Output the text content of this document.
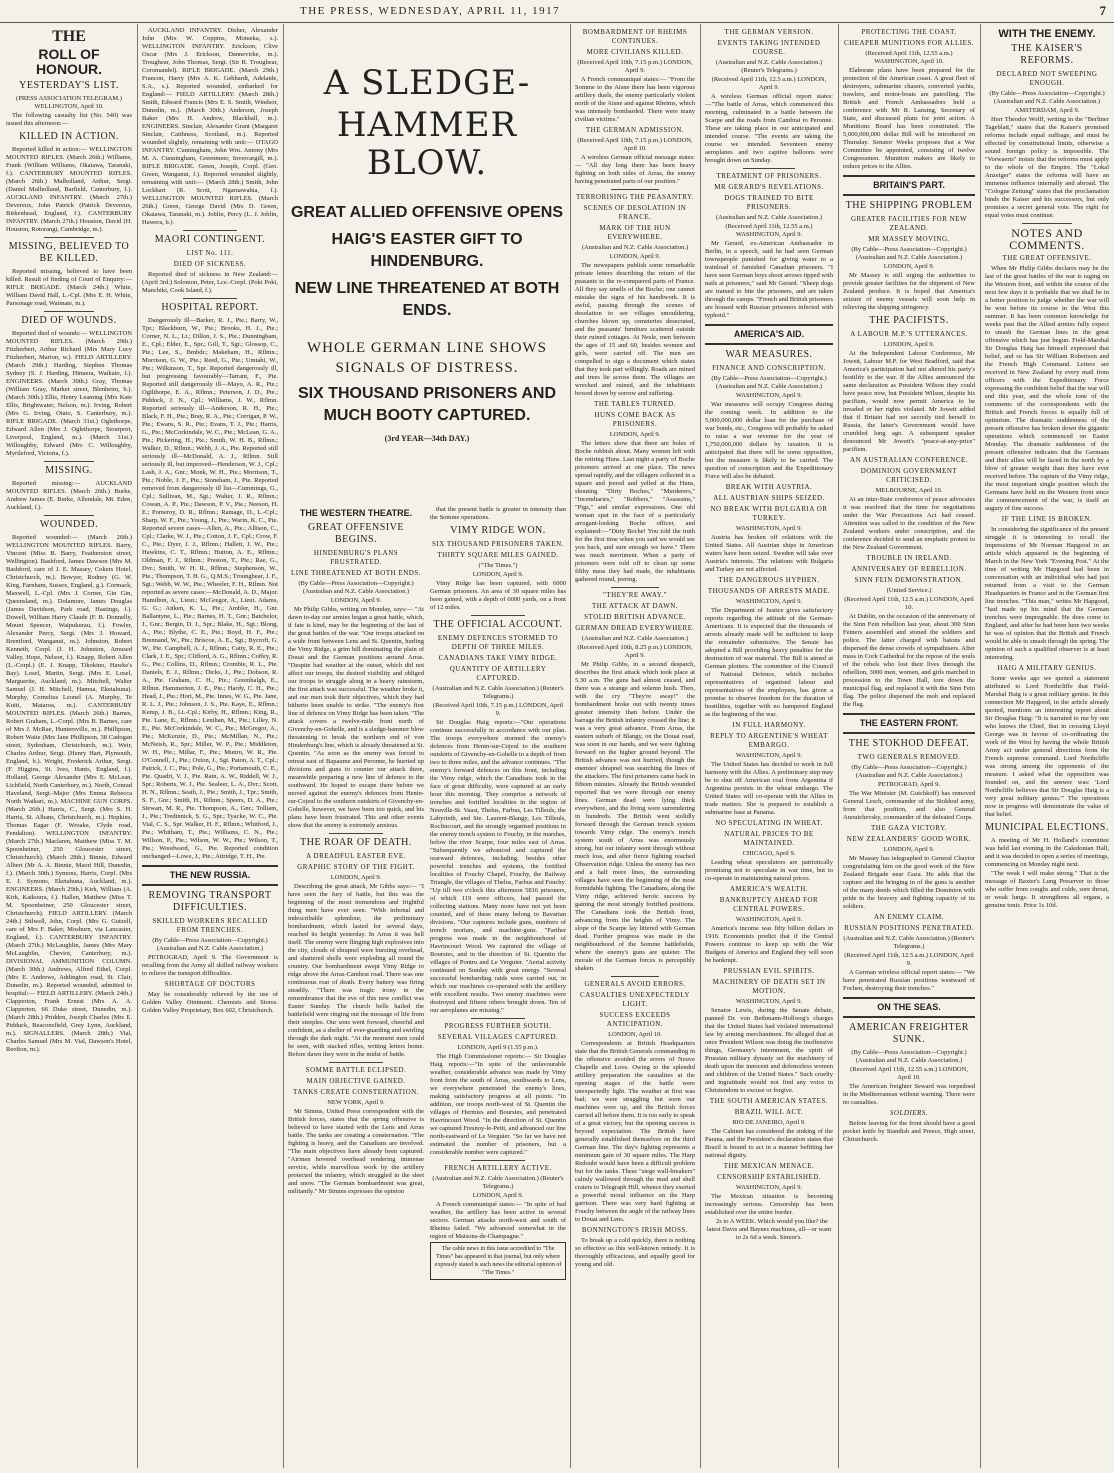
THE PRESS, WEDNESDAY, APRIL 11, 1917	7
THE
ROLL OF HONOUR.
YESTERDAY'S LIST.
(PRESS ASSOCIATION TELEGRAM.) WELLINGTON, April 10.
The following casualty list (No. 540) was issued this afternoon:—
KILLED IN ACTION.
Reported killed in action:— WELLINGTON MOUNTED RIFLES. (March 26th.) Williams, Frank (William Williams, Okaiawa, Taranaki, f.). CANTERBURY MOUNTED RIFLES. (March 26th.) Mulholland, Arthur, Sergt. (Daniel Mulholland, Barfield, Canterbury, f.). AUCKLAND INFANTRY. (March 27th.) Devereux, John Patrick (Patrick Devereux, Birkenhead, England, f.). CANTERBURY INFANTRY. (March 27th.) Houston, David (H. Houston, Rotorangi, Cambridge, m.).
MISSING, BELIEVED TO BE KILLED.
Reported missing, believed to have been killed. Result of finding of Court of Enquiry:— RIFLE BRIGADE. (March 24th.) White, William David Hall, L.-Cpl. (Mrs E. H. White, Parsonage road, Waimate, m.).
DIED OF WOUNDS.
Reported died of wounds:— WELLINGTON MOUNTED RIFLES. (March 29th.) Fitzherbert, Arthur Richard (Mrs Mary Lucy Fitzherbert, Marton, w.). FIELD ARTILLERY. (March 29th.) Harding, Stephen Thomas Sydney (S. J. Harding, Hinuera, Waikato, f.). ENGINEERS. (March 30th.) Gray, Thomas (William Gray, Market street, Blenheim, b.). (March 30th.) Ellis, Henry Leaming (Mrs Kate Ellis, Brightwater, Nelson, m.). Irving, Robert (Mrs G. Irving, Otaio, S. Canterbury, m.). RIFLE BRIGADE. (March 31st.) Oglethorpe, Edward Allen (Mrs J. Oglethorpe, Stourport, Liverpool, England, m.). (March 31st.) Willoughby, Edward (Mrs C. Willoughby, Myrtleford, Victoria, f.).
MISSING.
Reported missing:— AUCKLAND MOUNTED RIFLES. (March 26th.) Burke, Andrew James (E. Burke, Allendale, Mt. Eden, Auckland, f.).
WOUNDED.
Reported wounded:— (March 26th.) WELLINGTON MOUNTED RIFLES. Barry, Vincent (Miss B. Barry, Featherston street, Wellington). Bashford, James Dawson (Mrs M. Bashford, care of J. E. Massey, Cokers Hotel, Christchurch, m.). Bowyer, Rodney (G. W. King, Farnham, Sussex, England, g.). Cormack, Maxwell, L.-Cpl. (Mrs J. Corner, Gin Gin, Queensland, m.). Dolamore, James Douglas (James Davidson, Park road, Hastings, f.). Dowell, William Harry Claude (F. B. Donnelly, Mount Spencer, Waipukurau, f.). Fowler, Alexander Percy, Sergt. (Mrs J. Howard, Brentford, Wanganui, m.). Johnston, Robert Kenneth, Corpl. (J. H. Johnston, Amused Valley, Hope, Nelson, f.). Knapp, Robert Allen (L.-Corpl.) (E. J. Knapp, Tikokino, Hawke's Bay). Losel, Martin, Sergt. (Mrs E. Losel, Marguerite, Auckland, m.). Mitchell, Walter Samuel (J. H. Mitchell, Hamua, Eketahuna). Murphy, Cornelius Leonel (A. Murphy, Te Kuiti, Mataroa, m.). CANTERBURY MOUNTED RIFLES. (March 26th.) Barnes, Robert Graham, L.-Corpl. (Mrs B. Barnes, care of Mrs J. McRae, Huntersville, m.). Phillipson, Robert Waite (Mrs Jane Phillipson, 38 Cadogan street, Sydenham, Christchurch, m.). Weir, Charles Arthur, Sergt. (Henry Hart, Plymouth, England, b.). Wright, Frederick Arthur, Sergt. (F. Higgins, St. Ives, Hants, England, f.). Holland, George Alexander (Mrs E. McLean, Lichfield, North Canterbury, m.). North, Conrad Haveland, Sergt.-Major (Mrs Emma Rebecca North Waikari, m.). MACHINE GUN CORPS. (March 26th.) Harris, C., Sergt. (Mrs S. H. Harris, St. Albans, Christchurch, m.). Hopkins, Thomas Eagar (F. Wroake, Clyde road, Fendalton). WELLINGTON INFANTRY. (March 27th.) Maclaren, Matthew (Miss T. M. Spoonbeiner, 250 Gloucester street, Christchurch). (March 28th.) Binnie, Edward Albert (Mr A. A. Binnie, Maori Hill, Dunedin, f.). (March 30th.) Symons, Harris, Corpl. (Mrs E. J. Symons, Eketahuna, Auckland, m.). ENGINEERS. (March 29th.) Kirk, William (A. Kirk, Kaikoura, f.). Hallen, Matthew (Miss T. M. Spoonbeiner, 250 Gloucester street, Christchurch). FIELD ARTILLERY. (March 24th.) Stilwell, John, Corpl. (Mrs G. Gutzell, care of Mrs F. Baker, Mosburn, via Lancaster, England, f.). CANTERBURY INFANTRY. (March 27th.) McLaughlin, James (Mrs Mary McLaughlin, Cheviot, Canterbury, m.). DIVISIONAL AMMUNITION COLUMN. (March 30th.) Andrews, Alfred Ethel, Corpl. (Mrs E. Andrews, Addington road, St. Clair, Dunedin, m.). Reported wounded, admitted to hospital:— FIELD ARTILLERY. (March 24th.) Clapperton, Frank Ernest (Mrs A. A. Clapperton, 66 Duke street, Dunedin, m.). (March 28th.) Pridden, Joseph Charles (Mrs E. Pidduck, Beaconsfield, Grey Lynn, Auckland, m.). SIGNALLERS. (March 28th.) Vial, Charles Samuel (Mrs M. Vial, Dawson's Hotel, Reefton, m.).
AUCKLAND INFANTRY. Disher, Alexander John (Mrs W. Coppins, Motueka, s.). WELLINGTON INFANTRY. Erickson, Clive Oscar (Mrs J. Erickson, Dannevirke, m.). Troughear, John Thomas, Sergt. (Sir R. Troughear, Coromandel). RIFLE BRIGADE. (March 29th.) Francon, Harry (Mrs A. K. Gebhardt, Adelaide, S.A., s.). Reported wounded, embarked for England:— FIELD ARTILLERY. (March 28th.) Smith, Edward Francis (Mrs E. S. Smith, Windsor, Dunedin, m.). (March 30th.) Anderson, Joseph Baker (Mrs H. Andrew, Blackball, m.). ENGINEERS. Sinclair, Alexander Grant (Margaret Sinclair, Caithness, Scotland, m.). Reported wounded slightly, remaining with unit:— OTAGO INFANTRY. Cunningham, John Wm. Antony (Mrs M. A. Cunningham, Greenmeer, Invercargill, m.). RIFLE BRIGADE. Green, Joseph, Corpl. (Geo. Green, Wanganui, f.). Reported wounded slightly, remaining with unit:— (March 28th.) Smith, John Lockhart (R. Scott, Ngaruawahia, f.). WELLINGTON MOUNTED RIFLES. (March 26th.) Green, George David (Mrs D. Green, Okaiawa, Taranaki, m.). Joblin, Percy (L. J. Joblin, Hawera, b.).
MAORI CONTINGENT.
LIST No. 111.
DIED OF SICKNESS.
Reported died of sickness in New Zealand:— (April 3rd.) Solomon, Peter, Lce.-Corpl. (Poki Poki, Manchiki, Cook Island, f.).
HOSPITAL REPORT.
Dangerously ill—Barker, R. J., Pte.; Barry, W., Tpr.; Blackburn, W., Pte.; Brooks, H. J., Pte.; Corner, N. L., Lt.; Dillon, J. S., Pte.; Dunningham, E., Cpl.; Elder, E., Spr.; Gill, T., Sgt.; Glossop, C., Pte.; Lee, S., Bmbdr.; Makeham, H., Rflmn.; Morrison, G. W., Pte.; Reed, G., Pte.; Umtahi, W., Pte.; Wilkinson, T., Spr. Reported dangerously ill, but progressing favourably—Tarrant, F., Pte. Reported still dangerously ill—Mayo, A. R., Pte.; Ogilthorpe, E. A., Rflmn.; Peterson, J. D., Pte.; Piddock, J. N., Cpl.; Williams, J. W., Rflmn. Reported seriously ill—Anderson, R. H., Pte.; Black, F. H., Pte.; Bray, R. A., Pte.; Corrigan, P. W., Pte.; Ewans, S. R., Pte.; Evans, T. J., Pte.; Harris, G., Pte.; McCorkindale, W. C., Pte.; McLean, G. A., Pte.; Pickering, H., Pte.; Smith, W. H. B., Rflmn.; Walker, D., Rflmn.; Webb, J. A., Pte. Reported still seriously ill—McDonald, A. J., Rflmn. Still seriously ill, but improved—Henderson, W. J., Cpl.; Lash, J. A., Gnr.; Monk, W. H., Pte.; Morrison, T., Pte.; Noble, J. F., Pte.; Stoneham, J., Pte. Reported removed from dangerously ill list—Cummings, G., Cpl.; Sullivan, M., Sgt.; Walter, J. R., Rflmn.; Cowan, A. P., Pte.; Dawson, P. V., Pte.; Neeson, H. E.; Pomeroy, D. R., Rflmn.; Ramage, D., L.-Cpl.; Sharp, W. F., Pte.; Young, J., Pte.; Warin, K. C., Pte. Reported severe cases—Allen, A., Pte.; Allison, C., Cpl.; Clarke, W. J., Pte.; Cotton, J. F., Cpl.; Crow, F. C., Pte.; Dyer, J. J., Rflmn.; Hallett, J. W., Pte.; Hawkins, C. T., Rflmn.; Hutton, A. E., Rflmn.; Oldman, F. J., Rflmn.; Preston, T., Pte.; Rae, G., Dvr.; Smith, W. H. R., Rflmn.; Stephenson, W., Pte.; Thompson, T. H. G., Q.M.S.; Trounghear, J. F., Sgt.; Webb, W. W., Pte.; Wheeler, F. H., Rflmn. Not reported as severe cases:—McDonald, A. D., Major. Hamilton, A., Lieut.; McGregor, A., Lieut. Adams, G. G.; Aitken, K. L., Pte.; Ambler, H., Gnr. Ballantyne, L., Pte.; Barnes, H. T., Gnr.; Batchelor, J., Gnr.; Bergin, D. J., Spr.; Blake, H., Sgt.; Blong, A., Pte.; Blythe, C. E., Pte.; Boyd, H. F., Pte.; Brennand, W., Pte.; Briscoe, A. E., Sgt.; Bycroft, G. W., Pte. Campbell, A. J., Rflmn.; Catty, R. E., Pte.; Clark, J. E., Spr.; Clifford, A. G., Rflmn.; Coffey, R. G., Pte.; Collins, D., Rflmn.; Crombie, R. L., Pte. Daniels, E. J., Rflmn.; Dicks, J., Pte.; Dobson, R. A., Pte. Graham, C. H., Pte.; Greenhalgh, E., Rflmn. Hammerton, J. E., Pte.; Hardy, C. H., Pte.; Head, J., Pte.; Hori, M., Pte. Innes, W. G., Pte. Jane, R. L. J., Pte.; Johnson, J. S., Pte. Kaye, E., Rflmn.; Kemp, J. B., Lt.-Cpl.; Kirby, H., Rflmn.; King, R., Pte. Lane, E., Rflmn.; Lenihan, M., Pte.; Lilley, N. E., Pte. McCorkindale, W. C., Pte.; McGregor, A., Pte.; McKenzie, D., Pte.; McMillan, N., Pte.; McNeish, R., Spr.; Miller, W. P., Pte.; Middleton, W. H., Pte.; Millar, F., Pte.; Munro, W. R., Pte. O'Connell, J., Pte.; Oxton, J., Sgt. Paton, A. T., Cpl.; Patrick, J. C., Pte.; Pole, G., Pte.; Portsmouth, C. E., Pte. Quadri, V. J., Pte. Rain, A. W., Riddell, W. J., Spr.; Roberts, W. J., Pte. Sealeer, L. A., Dvr.; Scott, H. N., Rflmn.; Seath, J., Pte.; Smith, J., Tpr.; Smith, S. F., Gnr.; Smith, H., Rflmn.; Speers, D. A., Pte.; Stewart, M. R., Pte. Thompson, A., Gnr.; Tolliam, J., Pte.; Tredinnick, S. G., Spr.; Tyacke, W. C., Pte. Vial, C. S., Spr. Walker, H. F., Rflmn.; Whitford, J., Pte.; Whitham, T., Pte.; Williams, C. N., Pte.; Willson, P., Pte.; Wilson, W. W., Pte.; Wilson, T., Pte.; Woodward, G., Pte. Reported condition unchanged—Lowe, J., Pte.; Attridge, T. H., Pte.
THE NEW RUSSIA.
REMOVING TRANSPORT DIFFICULTIES.
SKILLED WORKERS RECALLED FROM TRENCHES.
(By Cable—Press Association—Copyright.) (Australian and N.Z. Cable Association.)
PETROGRAD, April 9. The Government is recalling from the Army all skilled railway workers to relieve the transport difficulties.
SHORTAGE OF DOCTORS
May be considerably relieved by the use of Golden Valley Ointment. Chemists and Stores. Golden Valley Proprietary, Box 602, Christchurch.
A SLEDGE-
HAMMER BLOW.
GREAT ALLIED OFFENSIVE OPENS
HAIG'S EASTER GIFT TO HINDENBURG.
NEW LINE THREATENED AT BOTH ENDS.
WHOLE GERMAN LINE SHOWS SIGNALS OF DISTRESS.
SIX THOUSAND PRISONERS AND MUCH BOOTY CAPTURED.
(3rd YEAR—34th DAY.)
THE WESTERN THEATRE.
GREAT OFFENSIVE BEGINS.
HINDENBURG'S PLANS FRUSTRATED.
LINE THREATENED AT BOTH ENDS.
(By Cable—Press Association—Copyright.) (Australian and N.Z. Cable Association.)
LONDON, April 9.
Mr Philip Gibbs, writing on Monday, says:— "At dawn to-day our armies began a great battle, which, if fate is kind, may be the beginning of the last of the great battles of the war. "Our troops attacked on a wide front between Lens and St. Quentin, hurling the Vimy Ridge, a grim hill dominating the plain of Douai and the German positions around Arras. "Despite bad weather at the outset, which did not affect our troops, the desired visibility and obliged our troops to struggle along in a heavy rainstorm, the first attack was successful. The weather broke it, and our men took their objectives, which they had hitherto been unable to strike. "The enemy's first line of defence on Vimy Ridge has been taken. "The attack covers a twelve-mile front north of Givenchy-en-Gohelle, and is a sledge-hammer blow threatening to break the northern end of von Hindenburg's line, which is already threatened at St. Quentin. "As soon as the enemy was forced to retreat east of Bapaume and Peronne, he hurried up divisions and guns to counter our attack there, meanwhile preparing a new line of defence to the southward. He hoped to escape there before we moved against the enemy's defences from Henin-sur-Cojeul to the southern outskirts of Givenchy-en-Gohelle, however, we have been too quick, and his plans have been frustrated. This and other events show that the enemy is extremely anxious.
THE ROAR OF DEATH.
A DREADFUL EASTER EVE.
GRAPHIC STORY OF THE FIGHT.
LONDON, April 9.
Describing the great attack, Mr Gibbs says:— "I have seen the fury of battle, but this was the beginning of the most tremendous and frightful thing men have ever seen. "With infernal and indescribable splendour, the preliminary bombardment, which lasted for several days, reached its height yesterday. In Arras it was hell itself. The enemy were flinging high explosives into the city, clouds of shrapnel were bursting overhead, and shattered shells were exploding all round the country. Our bombardment swept Vimy Ridge to ridge above the Arras-Cambrai road. There was one continuous roar of death. Every battery was firing steadily. "There was tragic irony in the remembrance that the eve of this new conflict was Easter Sunday. The church bells hailed the battlefield were ringing out the message of life from their steeples. Our sons went forward, cheerful and confident, as a shelter of ever-guarding and swirling through the dark night. "At the moment men could be seen, with stacked rifles, writing letters home. Before dawn they were in the midst of battle.
SOMME BATTLE ECLIPSED.
MAIN OBJECTIVE GAINED.
TANKS CREATE CONSTERNATION.
NEW YORK, April 9.
Mr Simms, United Press correspondent with the British forces, states that the spring offensive is believed to have started with the Lens and Arras battle. The tanks are creating a consternation. "The fighting is heavy, and the Canadians are involved. "The main objectives have already been captured. "Airmen hovered overhead rendering immense service, while marvellous work by the artillery protected the infantry, which struggled in the sleet and snow. "The German bombardment was great, militantly." Mr Simms expresses the opinion
that the present battle is greater in intensity than the Somme operations.
VIMY RIDGE WON.
SIX THOUSAND PRISONERS TAKEN.
THIRTY SQUARE MILES GAINED.
("The Times.")
LONDON, April 9.
Vimy Ridge has been captured, with 6000 German prisoners. An area of 30 square miles has been gained, with a depth of 6000 yards, on a front of 12 miles.
THE OFFICIAL ACCOUNT.
ENEMY DEFENCES STORMED TO DEPTH OF THREE MILES.
CANADIANS TAKE VIMY RIDGE.
QUANTITY OF ARTILLERY CAPTURED.
(Australian and N.Z. Cable Association.) (Reuter's Telegrams.)
(Received April 10th, 7.15 p.m.) LONDON, April 9.
Sir Douglas Haig reports:—"Our operations continue successfully in accordance with our plan. The troops everywhere stormed the enemy's defences from Henin-sur-Cojeul to the southern outskirts of Givenchy-en-Gohelle to a depth of from two to three miles, and the advance continues. "The enemy's forward defences on this front, including the Vimy ridge, which the Canadians took in the face of great difficulty, were captured at an early hour this morning. They comprise a network of trenches and fortified localities in the region of Neuville-St. Vaast, Thelus, Farbus, Les Tilleuls, the Labyrinth, and Ste. Laurent-Blangy, Les Tilleuls, Roclincourt, and the strongly organised positions in the enemy trench system to Fouchy, in the marshes, below the river Scarpe, four miles east of Arras. "Subsequently we advanced and captured the rearward defences, including, besides other powerful trenches and systems, the fortified localities of Fouchy Chapel, Fouchy, the Railway Triangle, the villages of Thelus, Farbus and Fouchy. "Up till two o'clock this afternoon 5816 prisoners, of which 119 were officers, had passed the collecting stations. Many more have not yet been counted, and of these many belong to Bavarian divisions. "Our captures include guns, numbers of trench mortars, and machine-guns. "Farther progress was made in the neighbourhood of Havrincourt Wood. We captured the village of Boursies, and in the direction of St. Quentin the villages of Pontru and Le Verguier. "Aerial activity continued on Sunday with great energy. "Several successful bombarding raids were carried out, in which our machines co-operated with the artillery with excellent results. Two enemy machines were destroyed and fifteen others brought down. Ten of our aeroplanes are missing."
PROGRESS FURTHER SOUTH.
SEVERAL VILLAGES CAPTURED.
LONDON, April 9 (1.55 p.m.).
The High Commissioner reports:— Sir Douglas Haig reports:—"In spite of the unfavourable weather, considerable advance was made by Vimy front from the south of Arras, southwards to Lens, we everywhere penetrated the enemy's lines, making satisfactory progress at all points. "In addition, our troops north-west of St. Quentin the villages of Hermies and Boursies, and penetrated Havrincourt Wood. "In the direction of St. Quentin we captured Fresnoy-le-Petit, and advanced our line north-eastward of Le Verguier. "So far we have not estimated the number of prisoners, but a considerable number were captured."
FRENCH ARTILLERY ACTIVE.
(Australian and N.Z. Cable Association.) (Reuter's Telegrams.)
LONDON, April 9.
A French communiqué states:— "In spite of bad weather, the artillery has been active in several sectors. German attacks north-west and south of Rheims failed. "We advanced somewhat in the region of Maisons-de-Champagne."
The cable news in this issue accredited to "The Times" has appeared in that journal, but only where expressly stated is such news the editorial opinion of "The Times."
BOMBARDMENT OF RHEIMS CONTINUES.
MORE CIVILIANS KILLED.
(Received April 10th, 7.15 p.m.) LONDON, April 9.
A French communiqué states:— "From the Somme to the Aisne there has been vigorous artillery duels, the enemy particularly violent north of the Aisne and against Rheims, which was intensely bombarded. There were many civilian victims."
THE GERMAN ADMISSION.
(Received April 10th, 7.15 p.m.) LONDON, April 10.
A wireless German official message states:— "All day long there has been heavy fighting on both sides of Arras, the enemy having penetrated parts of our position."
TERRORISING THE PEASANTRY.
SCENES OF DESOLATION IN FRANCE.
MARK OF THE HUN EVERYWHERE.
(Australian and N.Z. Cable Association.)
LONDON, April 9.
The newspapers publish some remarkable private letters describing the return of the peasants to the re-conquered parts of France. All they say smells of the Boche; one cannot mistake the signs of his handiwork. It is awful, passing through the scenes of desolation to see villages smouldering, churches blown up, cemeteries desecrated, and the peasants' furniture scattered outside their ruined cottages. At Nesle, men between the ages of 15 and 60, besides women and girls, were carried off. The men are compelled to sign a document which states that they took part willingly. Roads are mined and trees lie across them. The villages are wrecked and ruined, and the inhabitants bowed down by sorrow and suffering.
THE TABLES TURNED.
HUNS COME BACK AS PRISONERS.
LONDON, April 9.
The letters show that there are holes of Boche rubbish about. Many women left with the retiring Huns. Last night a party of Boche prisoners arrived at one place. The news spread rapidly, and the villagers collected in a square and jeered and yelled at the Huns, shouting "Dirty Boches," "Murderers," "Incendiaries," "Robbers," "Assassins," "Pigs," and similar expressions. One old woman spat in the face of a particularly arrogant-looking Boche officer, and explained:—"Dirty Boche! You told the truth for the first time when you said we would see you back, and sure enough we have." There was much merriment. When a party of prisoners were told off to clean up some filthy mess they had made, the inhabitants gathered round, jeering.
"THEY'RE AWAY."
THE ATTACK AT DAWN.
STOLID BRITISH ADVANCE.
GERMAN DREAD EVERYWHERE.
(Australian and N.Z. Cable Association.)
(Received April 10th, 8.25 p.m.) LONDON, April 9.
Mr Philip Gibbs, in a second despatch, describes the first attack which took place at 5.30 a.m. The guns had almost ceased, and there was a strange and solemn hush. Then, with the cry "They're away!" the bombardment broke out with twenty times greater intensity than before. Under the barrage the British infantry crossed the line; it was a very great advance. From Arras, the eastern suburb of Blangy, on the Douai road, was soon in our hands, and we were fighting forward on the higher ground beyond. The British advance was not hurried, though the enemies' shrapnel was searching the lines of the attackers. The first prisoners came back in fifteen minutes. Already the British wounded reported that we were through our enemy lines. German dead were lying thick everywhere, and the living were surrendering in hundreds. The British went stolidly forward through the German trench system towards Vimy ridge. The enemy's trench system south of Arras was enormously strong, but our infantry went through without much loss, and after fierce fighting reached Observation ridge. Unless the enemy has two and a half more lines, the surrounding villages have seen the beginning of the most formidable fighting. The Canadians, along the Vimy ridge, achieved heroic success by gaining the most strongly fortified positions. The Canadians took the British front, advancing from the heights of Vimy. The slope of the Scarpe lay littered with German dead. Further progress was made in the neighbourhood of the Somme battlefields, where the enemy's guns are quieter. The morale of the German forces is perceptibly shaken.
GENERALS AVOID ERRORS.
CASUALTIES UNEXPECTEDLY LIGHT.
SUCCESS EXCEEDS ANTICIPATION.
LONDON, April 10.
Correspondents at British Headquarters state that the British Generals commanding in the offensive avoided the errors of Neuve Chapelle and Loos. Owing to the splendid artillery preparation the casualties at the opening stages of the battle were unexpectedly light. The weather at first was bad; we were straggling but soon our machines were up, and the British forces carried all before them. It is too early to speak of a great victory, but the opening success is beyond expectation. The British have generally established themselves on the third German line. The day's fighting represents a minimum gain of 30 square miles. The Harp Redoubt would have been a difficult problem but for the tanks. These "siege wall-breakers" calmly wallowed through the mud and shell craters to Telegraph Hill, whence they exerted a powerful moral influence on the Harp garrison. There was very hard fighting at Fouchy between the angle of the railway lines to Douai and Lens.
BONNINGTON'S IRISH MOSS.
To break up a cold quickly, there is nothing so effective as this well-known remedy. It is thoroughly efficacious, and equally good for young and old.
THE GERMAN VERSION.
EVENTS TAKING INTENDED COURSE.
(Australian and N.Z. Cable Association.) (Reuter's Telegrams.)
(Received April 11th, 12.5 a.m.) LONDON, April 9.
A wireless German official report states:—"The battle of Arras, which commenced this morning, culminated in a battle between the Scarpe and the roads from Cambrai to Peronne. These are taking place in our anticipated and intended course. "The events are taking the course we intended. Seventeen enemy aeroplanes and two captive balloons were brought down on Sunday.
TREATMENT OF PRISONERS.
MR GERARD'S REVELATIONS.
DOGS TRAINED TO BITE PRISONERS.
(Australian and N.Z. Cable Association.)
(Received April 11th, 12.55 a.m.) WASHINGTON, April 9.
Mr Gerard, ex-American Ambassador in Berlin, in a speech, said he had seen German townspeople punished for giving water to a trainload of famished Canadian prisoners. "I have seen German boys shoot arrows tipped with nails at prisoners," said Mr Gerard. "Sheep dogs are trained to bite the prisoners, and are taken through the camps. "French and British prisoners are housed with Russian prisoners infected with typhoid."
AMERICA'S AID.
WAR MEASURES.
FINANCE AND CONSCRIPTION.
(By Cable—Press Association—Copyright.) (Australian and N.Z. Cable Association.)
WASHINGTON, April 9.
War measures will occupy Congress during the coming week. In addition to the 5,000,000,000 dollar loan for the purchase of war bonds, etc., Congress will probably be asked to raise a war revenue for the year of 1,750,000,000 dollars by taxation. It is anticipated that there will be some opposition, but the measure is likely to be carried. The question of conscription and the Expeditionary Force will also be debated.
BREAK WITH AUSTRIA.
ALL AUSTRIAN SHIPS SEIZED.
NO BREAK WITH BULGARIA OR TURKEY.
WASHINGTON, April 9.
Austria has broken off relations with the United States. All Austrian ships in American waters have been seized. Sweden will take over Austria's interests. The relations with Bulgaria and Turkey are not affected.
THE DANGEROUS HYPHEN.
THOUSANDS OF ARRESTS MADE.
WASHINGTON, April 9.
The Department of Justice gives satisfactory reports regarding the attitude of the German-Americans. It is expected that the thousands of arrests already made will be sufficient to keep the remainder submissive. The Senate has adopted a Bill providing heavy penalties for the destruction of war material. The Bill is aimed at German plotters. The committee of the Council of National Defence, which includes representatives of organised labour and representatives of the employers, has given a promise to observe freedom for the duration of hostilities, together with no hampered England as the beginning of the war.
IN FULL HARMONY.
REPLY TO ARGENTINE'S WHEAT EMBARGO.
WASHINGTON, April 9.
The United States has decided to work in full harmony with the Allies. A preliminary step may be to shut off American coal from Argentina if Argentina persists in the wheat embargo. The United States will co-operate with the Allies in trade matters. She is prepared to establish a submarine base at Panama.
NO SPECULATING IN WHEAT.
NATURAL PRICES TO BE MAINTAINED.
CHICAGO, April 9.
Leading wheat speculators are patriotically promising not to speculate in war time, but to co-operate in maintaining natural prices.
AMERICA'S WEALTH.
BANKRUPTCY AHEAD FOR CENTRAL POWERS.
WASHINGTON, April 9.
America's income was fifty billion dollars in 1916. Economists predict that if the Central Powers continue to keep up with the War Budgets of America and England they will soon be bankrupt.
PRUSSIAN EVIL SPIRITS.
MACHINERY OF DEATH SET IN MOTION.
WASHINGTON, April 9.
Senator Lewis, during the Senate debate, panned Dr. von Bethmann-Hollweg's charges that the United States had violated international law by arming merchantmen. He alleged that at once President Wilson was doing the inoffensive things, Germany's internment, the spirit of Prussian military dynasty set the machinery of death upon the innocent and defenceless women and children of the United States." Such cruelty and ingratitude would not find any voice in Christendom to excuse or forgive.
THE SOUTH AMERICAN STATES.
BRAZIL WILL ACT.
RIO DE JANEIRO, April 9.
The Cabinet has considered the sinking of the Parana, and the President's declaration states that Brazil is bound to act in a manner befitting her national dignity.
THE MEXICAN MENACE.
CENSORSHIP ESTABLISHED.
WASHINGTON, April 9.
The Mexican situation is becoming increasingly serious. Censorship has been established over the entire border.
2s to A WEEK. Which would you like? the latest Davis and Baynes machines, all—or want to 2s 6d a week. Simon's.
PROTECTING THE COAST.
CHEAPER MUNITIONS FOR ALLIES.
(Received April 11th, 12.55 a.m.) WASHINGTON, April 10.
Elaborate plans have been prepared for the protection of the American coast. A great fleet of destroyers, submarine chasers, converted yachts, trawlers, and motor-boats are patrolling. The British and French Ambassadors held a conference with Mr R. Lansing, Secretary of State, and discussed plans for joint action. A Munitions Board has been constituted. The 5,000,000,000 dollar Bill will be introduced on Thursday. Senator Weeks proposes that a War Committee be appointed, consisting of twelve Congressmen. Munition makers are likely to reduce prices to the Allies.
BRITAIN'S PART.
THE SHIPPING PROBLEM
GREATER FACILITIES FOR NEW ZEALAND.
MR MASSEY MOVING.
(By Cable—Press Association—Copyright.) (Australian and N.Z. Cable Association.)
LONDON, April 9.
Mr Massey is still urging the authorities to provide greater facilities for the shipment of New Zealand produce. It is hoped that America's seizure of enemy vessels will soon help in relieving the shipping stringency.
THE PACIFISTS.
A LABOUR M.P.'S UTTERANCES.
LONDON, April 9.
At the Independent Labour Conference, Mr Jowett, Labour M.P. for West Bradford, said that America's participation had not altered his party's hostility to the war. If the Allies announced the same declaration as President Wilson they could have peace now, but President Wilson, despite his pacifism, would now permit America to be invaded or her rights violated. Mr Jowett added that if Britain had not secretly tied herself to Russia, the latter's Government would have crumbled long ago. A subsequent speaker denounced Mr Jowett's "peace-at-any-price" pacifism.
AN AUSTRALIAN CONFERENCE.
DOMINION GOVERNMENT CRITICISED.
MELBOURNE, April 10.
At an inter-State conference of peace advocates it was resolved that the time for negotiations under the War Precautions Act had ceased. Attention was called to the condition of the New Zealand workers under conscription, and the conference decided to send an emphatic protest to the New Zealand Government.
TROUBLE IN IRELAND.
ANNIVERSARY OF REBELLION.
SINN FEIN DEMONSTRATION.
(United Service.)
(Received April 11th, 12.5 a.m.) LONDON, April 10.
At Dublin, on the occasion of the anniversary of the Sinn Fein rebellion last year, about 300 Sinn Feiners assembled and stoned the soldiers and police. The latter charged with batons and dispersed the dense crowds of sympathisers. After mass in Cork Cathedral for the repose of the souls of the rebels who lost their lives through the rebellion, 3000 men, women, and girls marched in procession to the Town Hall, tore down the municipal flag, and replaced it with the Sinn Fein flag. The police dispersed the mob and replaced the flag.
THE EASTERN FRONT.
THE STOKHOD DEFEAT.
TWO GENERALS REMOVED.
(By Cable—Press Association—Copyright.) (Australian and N.Z. Cable Association.)
PETROGRAD, April 9.
The War Minister (M. Gutchkoff) has removed General Lesch, commander of the Stokhod army, from that position, and also General Anoutchevsky, commander of the defeated Corps.
THE GAZA VICTORY.
NEW ZEALANDERS' GOOD WORK.
LONDON, April 9.
Mr Massey has telegraphed to General Chaytor congratulating him on the good work of the New Zealand Brigade near Gaza. He adds that the capture and the bringing in of the guns is another of the many deeds which filled the Dominion with pride in the bravery and fighting capacity of its soldiers.
AN ENEMY CLAIM.
RUSSIAN POSITIONS PENETRATED.
(Australian and N.Z. Cable Association.) (Reuter's Telegrams.)
(Received April 11th, 12.5 a.m.) LONDON, April 9.
A German wireless official report states:— "We have penetrated Russian positions westward of Fochen, destroying their trenches."
ON THE SEAS.
AMERICAN FREIGHTER SUNK.
(By Cable—Press Association—Copyright.) (Australian and N.Z. Cable Association.)
(Received April 11th, 12.55 a.m.) LONDON, April 10.
The American freighter Seward was torpedoed in the Mediterranean without warning. There were no casualties.
SOLDIERS.
Before leaving for the front should have a good pocket knife by Standish and Preece, High street, Christchurch.
WITH THE ENEMY.
THE KAISER'S REFORMS.
DECLARED NOT SWEEPING ENOUGH.
(By Cable—Press Association—Copyright.) (Australian and N.Z. Cable Association.)
AMSTERDAM, April 9.
Herr Theodor Wolff, writing in the "Berliner Tageblatt," states that the Kaiser's promised reforms include equal suffrage, and must be effected by constitutional limits, otherwise a sound foreign policy is impossible. The "Vorwaerts" insists that the reforms must apply to the whole of the Empire. The "Lokal Anzeiger" states the reforms will have an immense influence internally and abroad. The "Cologne Zeitung" states that the proclamation binds the Kaiser and his successors, but only promises a secret general vote. The right for equal votes must continue.
NOTES AND COMMENTS.
THE GREAT OFFENSIVE.
When Mr Philip Gibbs declares may be the last of the great battles of the war is raging on the Western front, and within the course of the next few days it is probable that we shall be in a better position to judge whether the war will be won before its course in the West this summer. It has been common knowledge for weeks past that the Allied armies fully expect to smash the German lines in the great offensive which has just begun. Field-Marshal Sir Douglas Haig has himself expressed that belief, and so has Sir William Robertson and the French High Command. Letters are received in New Zealand by every mail from officers with the Expeditionary Force expressing the confident belief that the war will end this year, and the whole tone of the comments of the correspondents with the British and French forces is equally full of optimism. The dramatic suddenness of the present offensive has broken down the gigantic operations which commenced on Easter Monday. The dramatic suddenness of the present offensive indicates that the Germans and their allies will be faced in the north by a blow of greater weight than they have ever received before. The capture of the Vimy ridge, the most important single position which the Germans have held on the Western front since the commencement of the war, is itself an augury of fine success.
IF THE LINE IS BROKEN.
In considering the significance of the present struggle it is interesting to recall the impressions of Mr Norman Hapgood in an article which appeared in the beginning of March in the New York "Evening Post." At the time of writing Mr Hapgood had been in conversation with an individual who had just returned from a visit to the German Headquarters in France and in the German first line trenches. "This man," writes Mr Hapgood, "had made up his mind that the German trenches were impregnable. He does come to England, and after he had been here two weeks he was of opinion that the British and French would be able to smash through the spring. The opinion of such a qualified observer is at least interesting.
HAIG A MILITARY GENIUS.
Some weeks ago we quoted a statement attributed to Lord Northcliffe that Field-Marshal Haig is a great military genius. In this connection Mr Hapgood, in the article already quoted, mentions an interesting report about Sir Douglas Haig: "It is narrated to me by one who knows the Chief, that in crossing Lloyd George was in favour of co-ordinating the work of the West by having the whole British Army act under general directions from the French supreme command. Lord Northcliffe was strong among the opponents of the measure. I asked what the opposition was founded on, and the answer was: 'Lord Northcliffe believes that Sir Douglas Haig is a very great military genius.'" The operations now in progress will demonstrate the value of that belief.
MUNICIPAL ELECTIONS.
A meeting of Mr H. Holland's committee was held last evening in the Caledonian Hall, and it was decided to open a series of meetings, commencing on Monday night next.
"The weak I will make strong." That is the message of Baxter's Lung Preserver to those who suffer from coughs and colds, sore throat, or weak lungs. It strengthens all organs, a genuine tonic. Price 1s 10d.
